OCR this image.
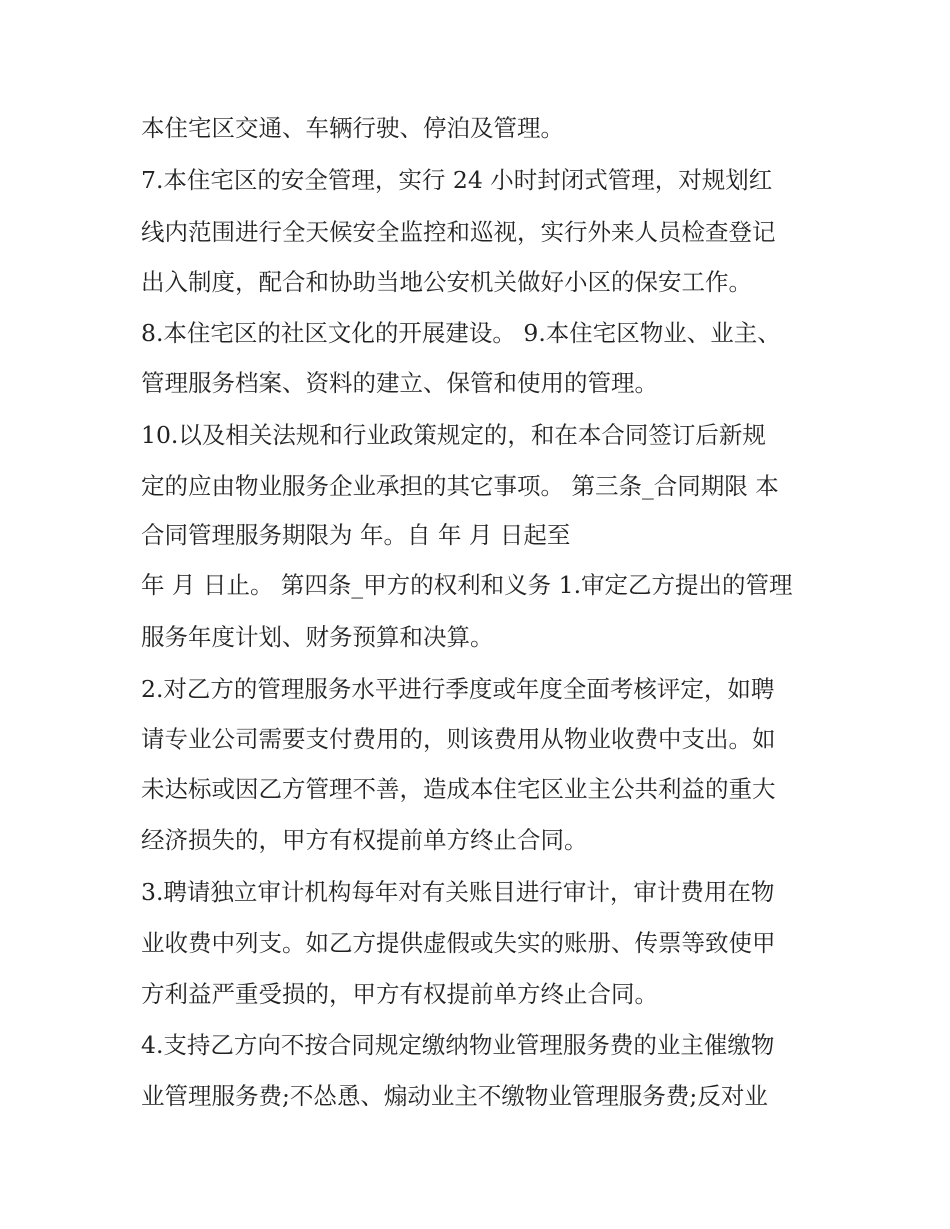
本住宅区交通、车辆行驶、停泊及管理。
7.本住宅区的安全管理，实行 24 小时封闭式管理，对规划红
线内范围进行全天候安全监控和巡视，实行外来人员检查登记
出入制度，配合和协助当地公安机关做好小区的保安工作。
8.本住宅区的社区文化的开展建设。 9.本住宅区物业、业主、
管理服务档案、资料的建立、保管和使用的管理。
10.以及相关法规和行业政策规定的，和在本合同签订后新规
定的应由物业服务企业承担的其它事项。 第三条_合同期限 本
合同管理服务期限为 年。自 年 月 日起至
年 月 日止。 第四条_甲方的权利和义务 1.审定乙方提出的管理
服务年度计划、财务预算和决算。
2.对乙方的管理服务水平进行季度或年度全面考核评定，如聘
请专业公司需要支付费用的，则该费用从物业收费中支出。如
未达标或因乙方管理不善，造成本住宅区业主公共利益的重大
经济损失的，甲方有权提前单方终止合同。
3.聘请独立审计机构每年对有关账目进行审计，审计费用在物
业收费中列支。如乙方提供虚假或失实的账册、传票等致使甲
方利益严重受损的，甲方有权提前单方终止合同。
4.支持乙方向不按合同规定缴纳物业管理服务费的业主催缴物
业管理服务费;不怂恿、煽动业主不缴物业管理服务费;反对业
